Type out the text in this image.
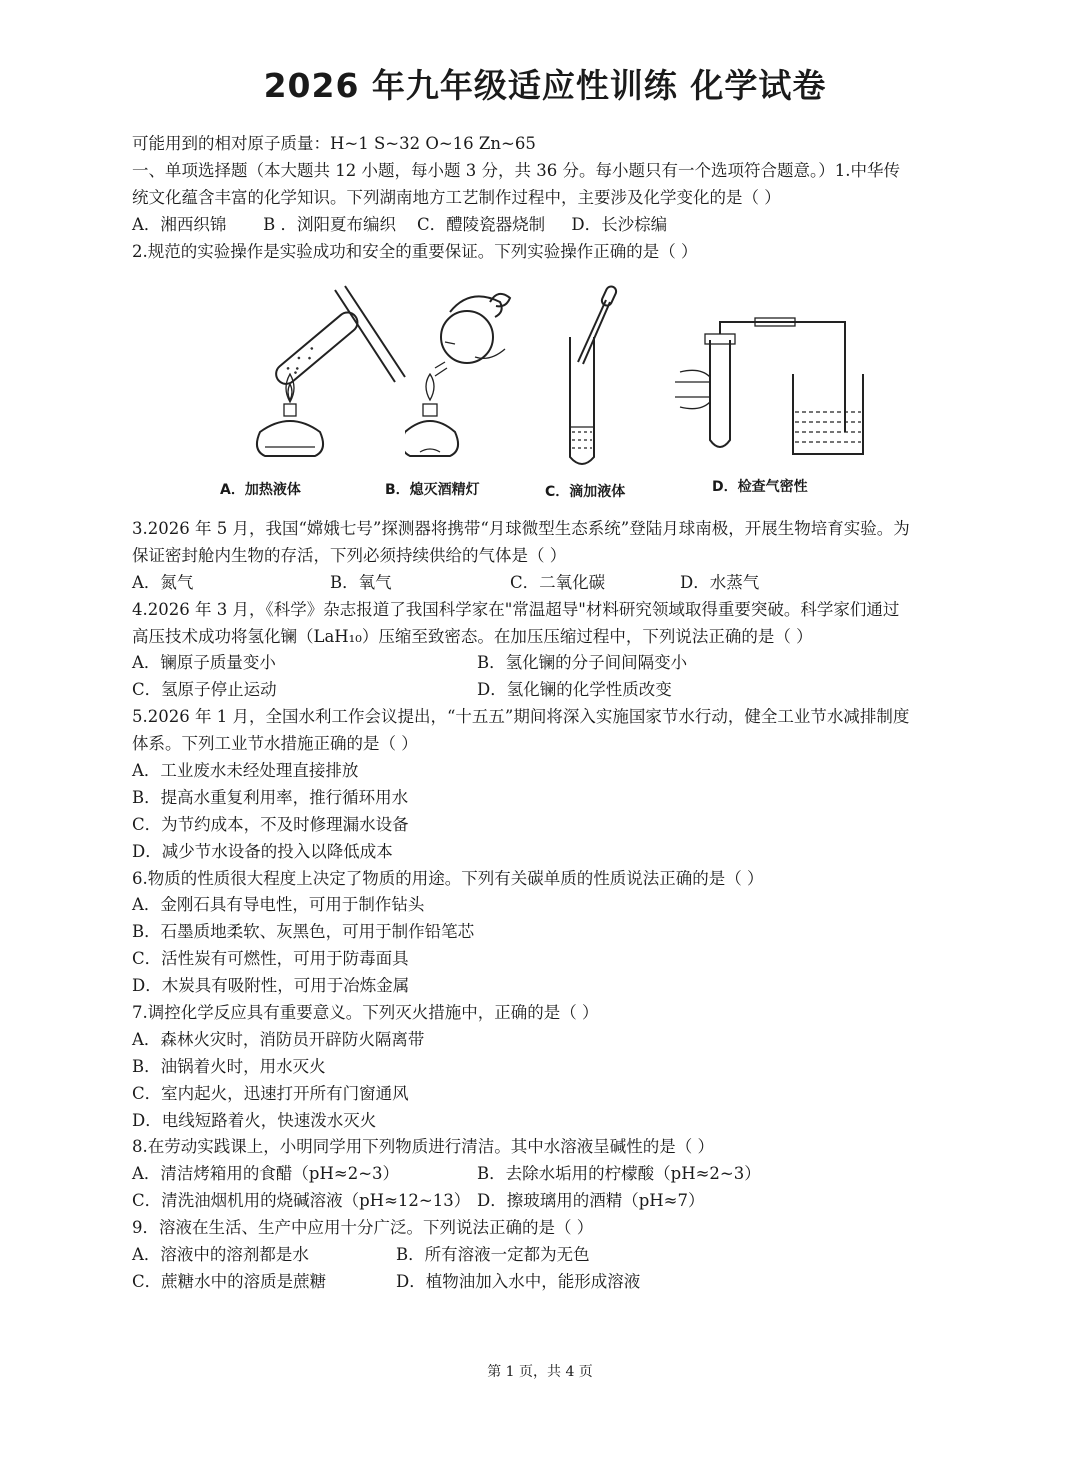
2026 年九年级适应性训练 化学试卷
可能用到的相对原子质量：H~1 S~32 O~16 Zn~65
一、单项选择题（本大题共 12 小题，每小题 3 分，共 36 分。每小题只有一个选项符合题意。）1.中华传
统文化蕴含丰富的化学知识。下列湖南地方工艺制作过程中，主要涉及化学变化的是（ ）
A．湘西织锦 B ．浏阳夏布编织 C．醴陵瓷器烧制 D．长沙棕编
2.规范的实验操作是实验成功和安全的重要保证。下列实验操作正确的是（ ）
A．加热液体	B．熄灭酒精灯	C．滴加液体	D．检查气密性
3.2026 年 5 月，我国“嫦娥七号”探测器将携带“月球微型生态系统”登陆月球南极，开展生物培育实验。为
保证密封舱内生物的存活，下列必须持续供给的气体是（ ）
A．氮气	B．氧气	C．二氧化碳	D．水蒸气
4.2026 年 3 月，《科学》杂志报道了我国科学家在"常温超导"材料研究领域取得重要突破。科学家们通过
高压技术成功将氢化镧（LaH₁₀）压缩至致密态。在加压压缩过程中，下列说法正确的是（ ）
A．镧原子质量变小	B．氢化镧的分子间间隔变小
C．氢原子停止运动	D．氢化镧的化学性质改变
5.2026 年 1 月，全国水利工作会议提出，“十五五”期间将深入实施国家节水行动，健全工业节水减排制度
体系。下列工业节水措施正确的是（ ）
A．工业废水未经处理直接排放
B．提高水重复利用率，推行循环用水
C．为节约成本，不及时修理漏水设备
D．减少节水设备的投入以降低成本
6.物质的性质很大程度上决定了物质的用途。下列有关碳单质的性质说法正确的是（ ）
A．金刚石具有导电性，可用于制作钻头
B．石墨质地柔软、灰黑色，可用于制作铅笔芯
C．活性炭有可燃性，可用于防毒面具
D．木炭具有吸附性，可用于冶炼金属
7.调控化学反应具有重要意义。下列灭火措施中，正确的是（ ）
A．森林火灾时，消防员开辟防火隔离带
B．油锅着火时，用水灭火
C．室内起火，迅速打开所有门窗通风
D．电线短路着火，快速泼水灭火
8.在劳动实践课上，小明同学用下列物质进行清洁。其中水溶液呈碱性的是（ ）
A．清洁烤箱用的食醋（pH≈2~3）	B．去除水垢用的柠檬酸（pH≈2~3）
C．清洗油烟机用的烧碱溶液（pH≈12~13） D．擦玻璃用的酒精（pH≈7）
9．溶液在生活、生产中应用十分广泛。下列说法正确的是（ ）
A．溶液中的溶剂都是水	B．所有溶液一定都为无色
C．蔗糖水中的溶质是蔗糖	D．植物油加入水中，能形成溶液
第 1 页，共 4 页
